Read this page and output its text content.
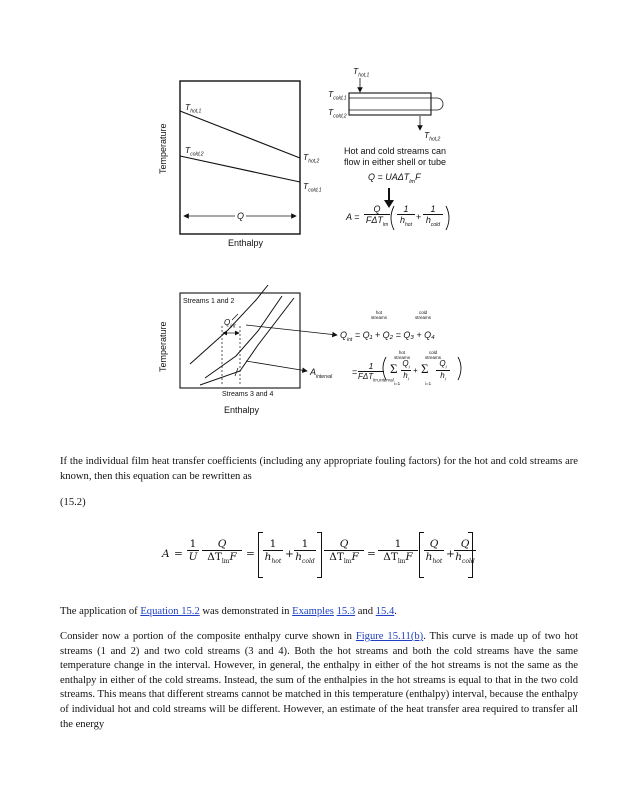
Temperature
Enthalpy
Q
$T_{hot,1}$
$T_{cold,2}$	$T_{hot,2}$
$T_{cold,1}$
$T_{hot,1}$
$T_{cold,1}$
$T_{cold,2}$
$T_{hot,2}$
Hot and cold streams can
flow in either shell or tube
$Q = UA\Delta T_{lm}F$
A =
Q
$F\Delta T_{lm}$
1
$h_{hot}$
+
1
$h_{cold}$
Temperature
Enthalpy
Streams 1 and 2
Streams 3 and 4
$Q_{int}$
hot streams
cold streams
$Q_{int} = Q_1 + Q_2 = Q_3 + Q_4$
$A_{interval}$ =
1
$F\Delta T_{lm,interval}$
hot streams
cold streams
Σ $Q_i$
$h_i$
+ Σ	$Q_i$
$h_i$
i=1	i=1

If the individual film heat transfer coefficients (including any appropriate fouling factors) for the hot and cold streams are known, then this equation can be rewritten as

(15.2)
A =
1
U
Q
$\Delta T_{lm}F$ =
1
$h_{hot}$
+
1
$h_{cold}$
Q
$\Delta T_{lm}F$ =
1
$\Delta T_{lm}F$
Q
$h_{hot}$
+
Q
$h_{cold}$

The application of Equation 15.2 was demonstrated in Examples 15.3 and 15.4.

Consider now a portion of the composite enthalpy curve shown in Figure 15.11(b). This curve is made up of two hot streams (1 and 2) and two cold streams (3 and 4). Both the hot streams and both the cold streams have the same temperature change in the interval. However, in general, the enthalpy in either of the hot streams is not the same as the enthalpy in either of the cold streams. Instead, the sum of the enthalpies in the hot streams is equal to that in the two cold streams. This means that different streams cannot be matched in this temperature (enthalpy) interval, because the enthalpy of individual hot and cold streams will be different. However, an estimate of the heat transfer area required to transfer all the energy
